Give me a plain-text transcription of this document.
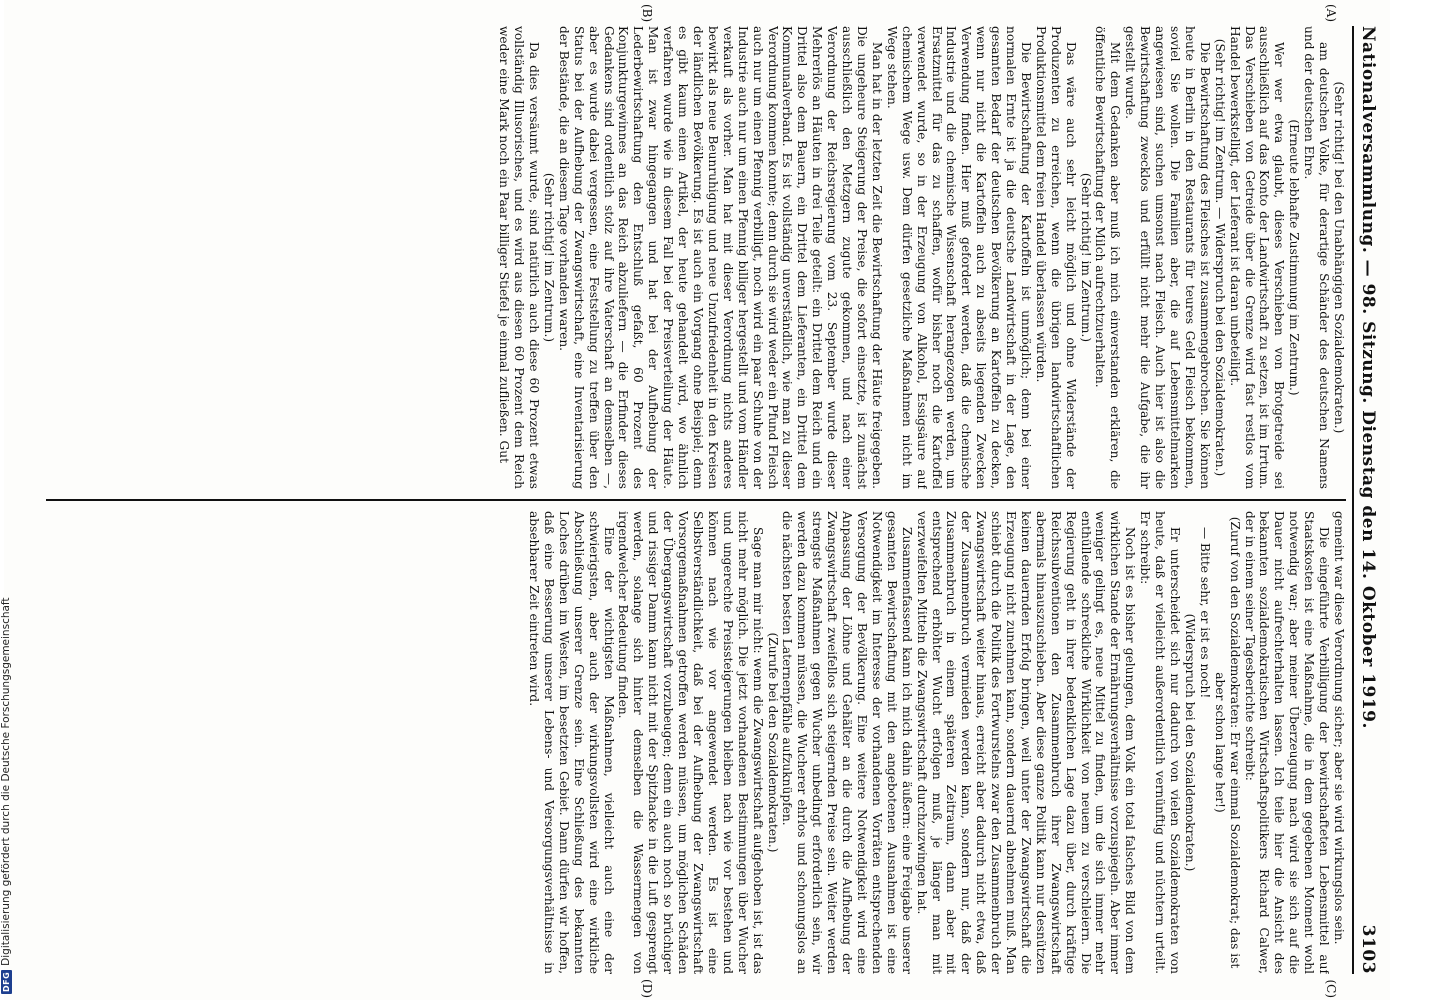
Nationalversammlung. — 98. Sitzung. Dienstag den 14. Oktober 1919.
3103

(Sehr richtig! bei den Unabhängigen Sozialdemokraten.)

am deutschen Volke, für derartige Schänder des deutschen Namens und der deutschen Ehre.

(Erneute lebhafte Zustimmung im Zentrum.)

Wer wer etwa glaubt, dieses Verschieben von Brotgetreide sei ausschließlich auf das Konto der Landwirtschaft zu setzen, ist im Irrtum. Das Verschieben von Getreide über die Grenze wird fast restlos vom Handel bewerkstelligt, der Lieferant ist daran unbeteiligt.

(Sehr richtig! im Zentrum. — Widerspruch bei den Sozialdemokraten.)

Die Bewirtschaftung des Fleisches ist zusammengebrochen. Sie können heute in Berlin in den Restaurants für teures Geld Fleisch bekommen, soviel Sie wollen. Die Familien aber, die auf Lebensmittelmarken angewiesen sind, suchen umsonst nach Fleisch. Auch hier ist also die Bewirtschaftung zwecklos und erfüllt nicht mehr die Aufgabe, die ihr gestellt wurde.

Mit dem Gedanken aber muß ich mich einverstanden erklären, die öffentliche Bewirtschaftung der Milch aufrechtzuerhalten.

(Sehr richtig! im Zentrum.)

Das wäre auch sehr leicht möglich und ohne Widerstände der Produzenten zu erreichen, wenn die übrigen landwirtschaftlichen Produktionsmittel dem freien Handel überlassen würden.

Die Bewirtschaftung der Kartoffeln ist unmöglich; denn bei einer normalen Ernte ist ja die deutsche Landwirtschaft in der Lage, den gesamten Bedarf der deutschen Bevölkerung an Kartoffeln zu decken, wenn nur nicht die Kartoffeln auch zu abseits liegenden Zwecken Verwendung finden. Hier muß gefordert werden, daß die chemische Industrie und die chemische Wissenschaft herangezogen werden, um Ersatzmittel für das zu schaffen, wofür bisher noch die Kartoffel verwendet wurde, so in der Erzeugung von Alkohol, Essigsäure auf chemischem Wege usw. Dem dürfen gesetzliche Maßnahmen nicht im Wege stehen.

Man hat in der letzten Zeit die Bewirtschaftung der Häute freigegeben. Die ungeheure Steigerung der Preise, die sofort einsetzte, ist zunächst ausschließlich den Metzgern zugute gekommen, und nach einer Verordnung der Reichsregierung vom 23. September wurde dieser Mehrerlös an Häuten in drei Teile geteilt: ein Drittel dem Reich und ein Drittel also dem Bauern, ein Drittel dem Lieferanten, ein Drittel dem Kommunalverband. Es ist vollständig unverständlich, wie man zu dieser Verordnung kommen konnte; denn durch sie wird weder ein Pfund Fleisch auch nur um einen Pfennig verbilligt, noch wird ein paar Schuhe von der Industrie auch nur um einen Pfennig billiger hergestellt und vom Händler verkauft als vorher. Man hat mit dieser Verordnung nichts anderes bewirkt als neue Beunruhigung und neue Unzufriedenheit in den Kreisen der ländlichen Bevölkerung. Es ist auch ein Vorgang ohne Beispiel; denn es gibt kaum einen Artikel, der heute gehandelt wird, wo ähnlich verfahren wurde wie in diesem Fall bei der Preisverteilung der Häute. Man ist zwar hingegangen und hat bei der Aufhebung der Lederbewirtschaftung den Entschluß gefaßt, 60 Prozent des Konjunkturgewinnes an das Reich abzuliefern — die Erfinder dieses Gedankens sind ordentlich stolz auf ihre Vaterschaft an demselben —, aber es wurde dabei vergessen, eine Feststellung zu treffen über den Status bei der Aufhebung der Zwangswirtschaft, eine Inventarisierung der Bestände, die an diesem Tage vorhanden waren.

(Sehr richtig! im Zentrum.)

Da dies versäumt wurde, sind natürlich auch diese 60 Prozent etwas vollständig Illusorisches, und es wird aus diesen 60 Prozent dem Reich weder eine Mark noch ein Paar billiger Stiefel je einmal zufließen. Gut

gemeint war diese Verordnung sicher; aber sie wird wirkungslos sein.

Die eingeführte Verbilligung der bewirtschafteten Lebensmittel auf Staatskosten ist eine Maßnahme, die in dem gegebenen Moment wohl notwendig war; aber meiner Überzeugung nach wird sie sich auf die Dauer nicht aufrechterhalten lassen. Ich teile hier die Ansicht des bekannten sozialdemokratischen Wirtschaftspolitikers Richard Calwer, der in einem seiner Tagesberichte schreibt:

(Zuruf von den Sozialdemokraten: Er war einmal Sozialdemokrat; das ist aber schon lange her!)

— Bitte sehr, er ist es noch!

(Widerspruch bei den Sozialdemokraten.)

Er unterscheidet sich nur dadurch von vielen Sozialdemokraten von heute, daß er vielleicht außerordentlich vernünftig und nüchtern urteilt. Er schreibt:

Noch ist es bisher gelungen, dem Volk ein total falsches Bild von dem wirklichen Stande der Ernährungsverhältnisse vorzuspiegeln. Aber immer weniger gelingt es, neue Mittel zu finden, um die sich immer mehr enthüllende schreckliche Wirklichkeit von neuem zu verschleiern. Die Regierung geht in ihrer bedenklichen Lage dazu über, durch kräftige Reichssubventionen den Zusammenbruch ihrer Zwangswirtschaft abermals hinauszuschieben. Aber diese ganze Politik kann nur desnützen keinen dauernden Erfolg bringen, weil unter der Zwangswirtschaft die Erzeugung nicht zunehmen kann, sondern dauernd abnehmen muß. Man schiebt durch die Politik des Fortwurstelns zwar den Zusammenbruch der Zwangswirtschaft weiter hinaus, erreicht aber dadurch nicht etwa, daß der Zusammenbruch vermieden werden kann, sondern nur, daß der Zusammenbruch in einem späteren Zeitraum, dann aber mit entsprechend erhöhter Wucht erfolgen muß, je länger man mit verzweifelten Mitteln die Zwangswirtschaft durchzuzwingen hat.

Zusammenfassend kann ich mich dahin äußern: eine Freigabe unserer gesamten Bewirtschaftung mit den angebotenen Ausnahmen ist eine Notwendigkeit im Interesse der vorhandenen Vorräten entsprechenden Versorgung der Bevölkerung. Eine weitere Notwendigkeit wird eine Anpassung der Löhne und Gehälter an die durch die Aufhebung der Zwangswirtschaft zweifellos sich steigernden Preise sein. Weiter werden strengste Maßnahmen gegen Wucher unbedingt erforderlich sein, wir werden dazu kommen müssen, die Wucherer ehrlos und schonungslos an die nächsten besten Laternenpfähle aufzuknüpfen.

(Zurufe bei den Sozialdemokraten.)

Sage man mir nicht: wenn die Zwangswirtschaft aufgehoben ist, ist das nicht mehr möglich. Die jetzt vorhandenen Bestimmungen über Wucher und ungerechte Preissteigerungen bleiben nach wie vor bestehen und können nach wie vor angewendet werden. Es ist eine Selbstverständlichkeit, daß bei der Aufhebung der Zwangswirtschaft Vorsorgemaßnahmen getroffen werden müssen, um möglichen Schäden der Übergangswirtschaft vorzubeugen; denn ein auch noch so brüchiger und rissiger Damm kann nicht mit der Spitzhacke in die Luft gesprengt werden, solange sich hinter demselben die Wassermengen von irgendwelcher Bedeutung finden.

Eine der wichtigsten Maßnahmen, vielleicht auch eine der schwierigsten, aber auch der wirkungsvollsten wird eine wirkliche Abschließung unserer Grenze sein. Eine Schließung des bekannten Loches drüben im Westen, im besetzten Gebiet. Dann dürfen wir hoffen, daß eine Besserung unserer Lebens- und Versorgungsverhältnisse in absehbarer Zeit eintreten wird.

(A)
(B)
(C)
(D)
DFGDigitalisierung gefördert durch die Deutsche Forschungsgemeinschaft
